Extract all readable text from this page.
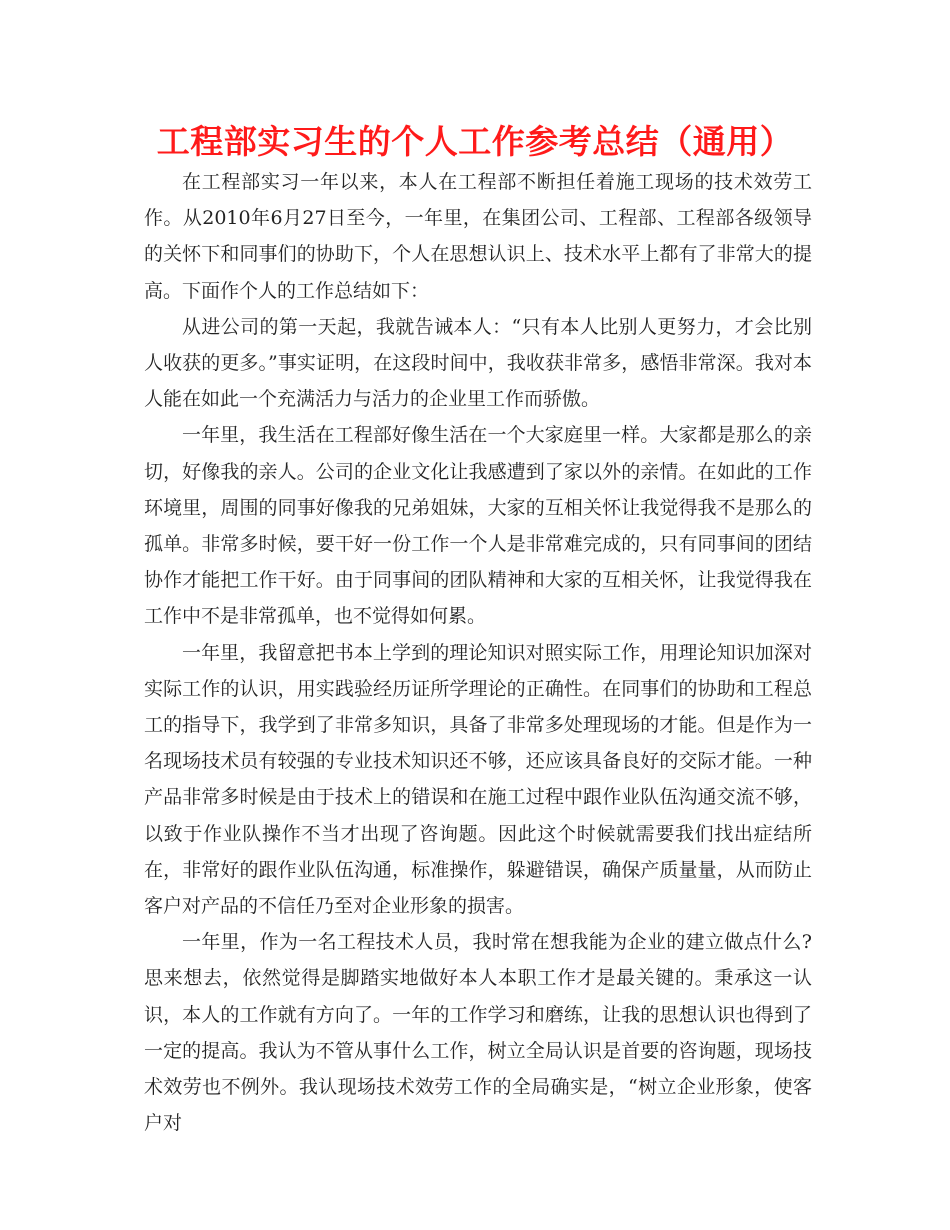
工程部实习生的个人工作参考总结（通用）

在工程部实习一年以来，本人在工程部不断担任着施工现场的技术效劳工作。从2010年6月27日至今，一年里，在集团公司、工程部、工程部各级领导的关怀下和同事们的协助下，个人在思想认识上、技术水平上都有了非常大的提高。下面作个人的工作总结如下：

从进公司的第一天起，我就告诫本人：“只有本人比别人更努力，才会比别人收获的更多。”事实证明，在这段时间中，我收获非常多，感悟非常深。我对本人能在如此一个充满活力与活力的企业里工作而骄傲。

一年里，我生活在工程部好像生活在一个大家庭里一样。大家都是那么的亲切，好像我的亲人。公司的企业文化让我感遭到了家以外的亲情。在如此的工作环境里，周围的同事好像我的兄弟姐妹，大家的互相关怀让我觉得我不是那么的孤单。非常多时候，要干好一份工作一个人是非常难完成的，只有同事间的团结协作才能把工作干好。由于同事间的团队精神和大家的互相关怀，让我觉得我在工作中不是非常孤单，也不觉得如何累。

一年里，我留意把书本上学到的理论知识对照实际工作，用理论知识加深对实际工作的认识，用实践验经历证所学理论的正确性。在同事们的协助和工程总工的指导下，我学到了非常多知识，具备了非常多处理现场的才能。但是作为一名现场技术员有较强的专业技术知识还不够，还应该具备良好的交际才能。一种产品非常多时候是由于技术上的错误和在施工过程中跟作业队伍沟通交流不够，以致于作业队操作不当才出现了咨询题。因此这个时候就需要我们找出症结所在，非常好的跟作业队伍沟通，标准操作，躲避错误，确保产质量量，从而防止客户对产品的不信任乃至对企业形象的损害。

一年里，作为一名工程技术人员，我时常在想我能为企业的建立做点什么?思来想去，依然觉得是脚踏实地做好本人本职工作才是最关键的。秉承这一认识，本人的工作就有方向了。一年的工作学习和磨练，让我的思想认识也得到了一定的提高。我认为不管从事什么工作，树立全局认识是首要的咨询题，现场技术效劳也不例外。我认现场技术效劳工作的全局确实是，“树立企业形象，使客户对
